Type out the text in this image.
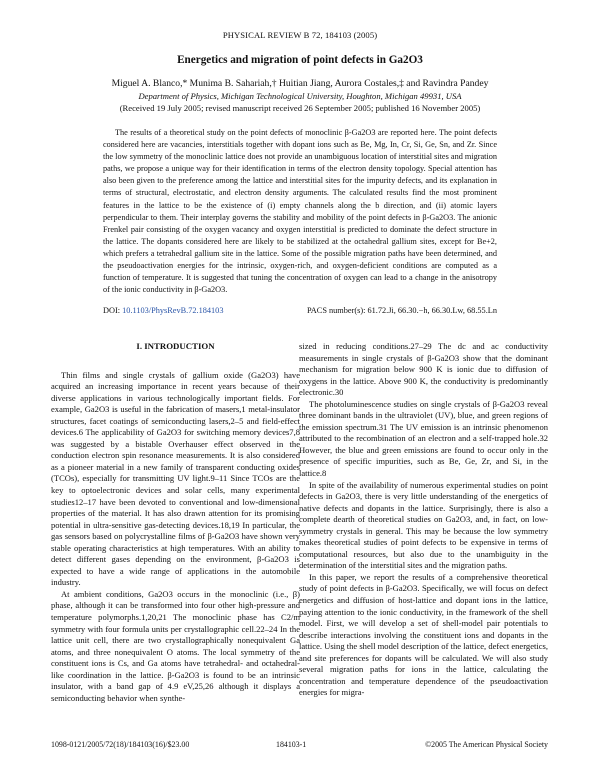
PHYSICAL REVIEW B 72, 184103 (2005)
Energetics and migration of point defects in Ga2O3
Miguel A. Blanco,* Munima B. Sahariah,† Huitian Jiang, Aurora Costales,‡ and Ravindra Pandey
Department of Physics, Michigan Technological University, Houghton, Michigan 49931, USA
(Received 19 July 2005; revised manuscript received 26 September 2005; published 16 November 2005)

The results of a theoretical study on the point defects of monoclinic β-Ga2O3 are reported here. The point defects considered here are vacancies, interstitials together with dopant ions such as Be, Mg, In, Cr, Si, Ge, Sn, and Zr. Since the low symmetry of the monoclinic lattice does not provide an unambiguous location of interstitial sites and migration paths, we propose a unique way for their identification in terms of the electron density topology. Special attention has also been given to the preference among the lattice and interstitial sites for the impurity defects, and its explanation in terms of structural, electrostatic, and electron density arguments. The calculated results find the most prominent features in the lattice to be the existence of (i) empty channels along the b direction, and (ii) atomic layers perpendicular to them. Their interplay governs the stability and mobility of the point defects in β-Ga2O3. The anionic Frenkel pair consisting of the oxygen vacancy and oxygen interstitial is predicted to dominate the defect structure in the lattice. The dopants considered here are likely to be stabilized at the octahedral gallium sites, except for Be+2, which prefers a tetrahedral gallium site in the lattice. Some of the possible migration paths have been determined, and the pseudoactivation energies for the intrinsic, oxygen-rich, and oxygen-deficient conditions are computed as a function of temperature. It is suggested that tuning the concentration of oxygen can lead to a change in the anisotropy of the ionic conductivity in β-Ga2O3.

DOI: 10.1103/PhysRevB.72.184103	PACS number(s): 61.72.Ji, 66.30.−h, 66.30.Lw, 68.55.Ln
I. INTRODUCTION

Thin films and single crystals of gallium oxide (Ga2O3) have acquired an increasing importance in recent years because of their diverse applications in various technologically important fields. For example, Ga2O3 is useful in the fabrication of masers,1 metal-insulator structures, facet coatings of semiconducting lasers,2–5 and field-effect devices.6 The applicability of Ga2O3 for switching memory devices7,8 was suggested by a bistable Overhauser effect observed in the conduction electron spin resonance measurements. It is also considered as a pioneer material in a new family of transparent conducting oxides (TCOs), especially for transmitting UV light.9–11 Since TCOs are the key to optoelectronic devices and solar cells, many experimental studies12–17 have been devoted to conventional and low-dimensional properties of the material. It has also drawn attention for its promising potential in ultra-sensitive gas-detecting devices.18,19 In particular, the gas sensors based on polycrystalline films of β-Ga2O3 have shown very stable operating characteristics at high temperatures. With an ability to detect different gases depending on the environment, β-Ga2O3 is expected to have a wide range of applications in the automobile industry.

At ambient conditions, Ga2O3 occurs in the monoclinic (i.e., β) phase, although it can be transformed into four other high-pressure and temperature polymorphs.1,20,21 The monoclinic phase has C2/m symmetry with four formula units per crystallographic cell.22–24 In the lattice unit cell, there are two crystallographically nonequivalent Ga atoms, and three nonequivalent O atoms. The local symmetry of the constituent ions is Cs, and Ga atoms have tetrahedral- and octahedral-like coordination in the lattice. β-Ga2O3 is found to be an intrinsic insulator, with a band gap of 4.9 eV,25,26 although it displays a semiconducting behavior when synthe-

sized in reducing conditions.27–29 The dc and ac conductivity measurements in single crystals of β-Ga2O3 show that the dominant mechanism for migration below 900 K is ionic due to diffusion of oxygens in the lattice. Above 900 K, the conductivity is predominantly electronic.30

The photoluminescence studies on single crystals of β-Ga2O3 reveal three dominant bands in the ultraviolet (UV), blue, and green regions of the emission spectrum.31 The UV emission is an intrinsic phenomenon attributed to the recombination of an electron and a self-trapped hole.32 However, the blue and green emissions are found to occur only in the presence of specific impurities, such as Be, Ge, Zr, and Si, in the lattice.8

In spite of the availability of numerous experimental studies on point defects in Ga2O3, there is very little understanding of the energetics of native defects and dopants in the lattice. Surprisingly, there is also a complete dearth of theoretical studies on Ga2O3, and, in fact, on low-symmetry crystals in general. This may be because the low symmetry makes theoretical studies of point defects to be expensive in terms of computational resources, but also due to the unambiguity in the determination of the interstitial sites and the migration paths.

In this paper, we report the results of a comprehensive theoretical study of point defects in β-Ga2O3. Specifically, we will focus on defect energetics and diffusion of host-lattice and dopant ions in the lattice, paying attention to the ionic conductivity, in the framework of the shell model. First, we will develop a set of shell-model pair potentials to describe interactions involving the constituent ions and dopants in the lattice. Using the shell model description of the lattice, defect energetics, and site preferences for dopants will be calculated. We will also study several migration paths for ions in the lattice, calculating the concentration and temperature dependence of the pseudoactivation energies for migra-

1098-0121/2005/72(18)/184103(16)/$23.00	184103-1	©2005 The American Physical Society
